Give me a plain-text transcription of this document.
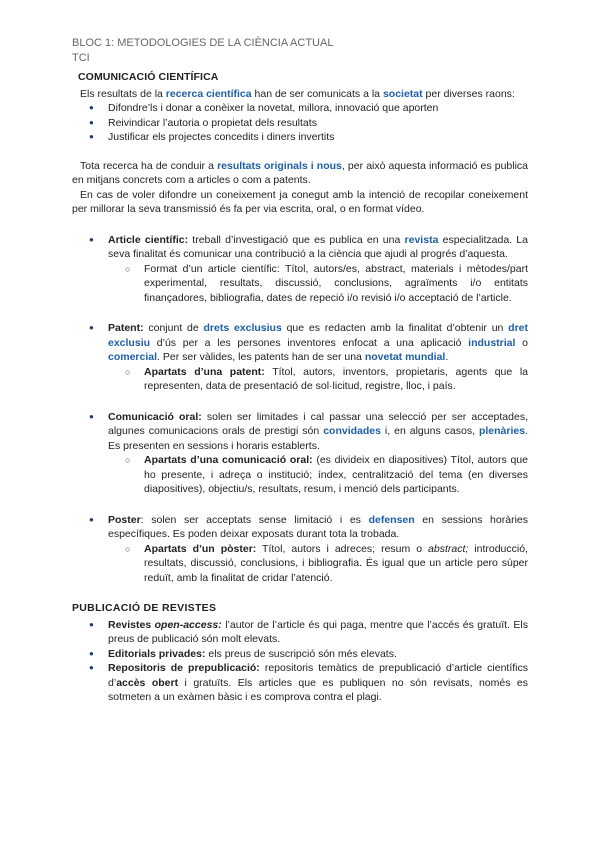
BLOC 1: METODOLOGIES DE LA CIÈNCIA ACTUAL
TCI
COMUNICACIÓ CIENTÍFICA

Els resultats de la recerca científica han de ser comunicats a la societat per diverses raons:

● Difondre’ls i donar a conèixer la novetat, millora, innovació que aporten
● Reivindicar l’autoria o propietat dels resultats
● Justificar els projectes concedits i diners invertits

Tota recerca ha de conduir a resultats originals i nous, per això aquesta informació es publica en mitjans concrets com a articles o com a patents.

En cas de voler difondre un coneixement ja conegut amb la intenció de recopilar coneixement per millorar la seva transmissió és fa per via escrita, oral, o en format vídeo.

● Article científic: treball d’investigació que es publica en una revista especialitzada. La seva finalitat és comunicar una contribució a la ciència que ajudi al progrés d’aquesta.
○ Format d’un article científic: Títol, autors/es, abstract, materials i mètodes/part experimental, resultats, discussió, conclusions, agraïments i/o entitats finançadores, bibliografia, dates de repeció i/o revisió i/o acceptació de l’article.
● Patent: conjunt de drets exclusius que es redacten amb la finalitat d’obtenir un dret exclusiu d’ús per a les persones inventores enfocat a una aplicació industrial o comercial. Per ser vàlides, les patents han de ser una novetat mundial.
○ Apartats d’una patent: Títol, autors, inventors, propietaris, agents que la representen, data de presentació de sol·licitud, registre, lloc, i país.
● Comunicació oral: solen ser limitades i cal passar una selecció per ser acceptades, algunes comunicacions orals de prestigi són convidades i, en alguns casos, plenàries. Es presenten en sessions i horaris establerts.
○ Apartats d’una comunicació oral: (es divideix en diapositives) Títol, autors que ho presente, i adreça o institució; índex, centralització del tema (en diverses diapositives), objectiu/s, resultats, resum, i menció dels participants.
● Poster: solen ser acceptats sense limitació i es defensen en sessions horàries específiques. Es poden deixar exposats durant tota la trobada.
○ Apartats d’un pòster: Títol, autors i adreces; resum o abstract; introducció, resultats, discussió, conclusions, i bibliografia. És igual que un article pero súper reduït, amb la finalitat de cridar l’atenció.
PUBLICACIÓ DE REVISTES
● Revistes open-access: l’autor de l’article és qui paga, mentre que l’accés és gratuït. Els preus de publicació són molt elevats.
● Editorials privades: els preus de suscripció són més elevats.
● Repositoris de prepublicació: repositoris temàtics de prepublicació d’article científics d’accès obert i gratuïts. Els articles que es publiquen no són revisats, només es sotmeten a un exàmen bàsic i es comprova contra el plagi.
